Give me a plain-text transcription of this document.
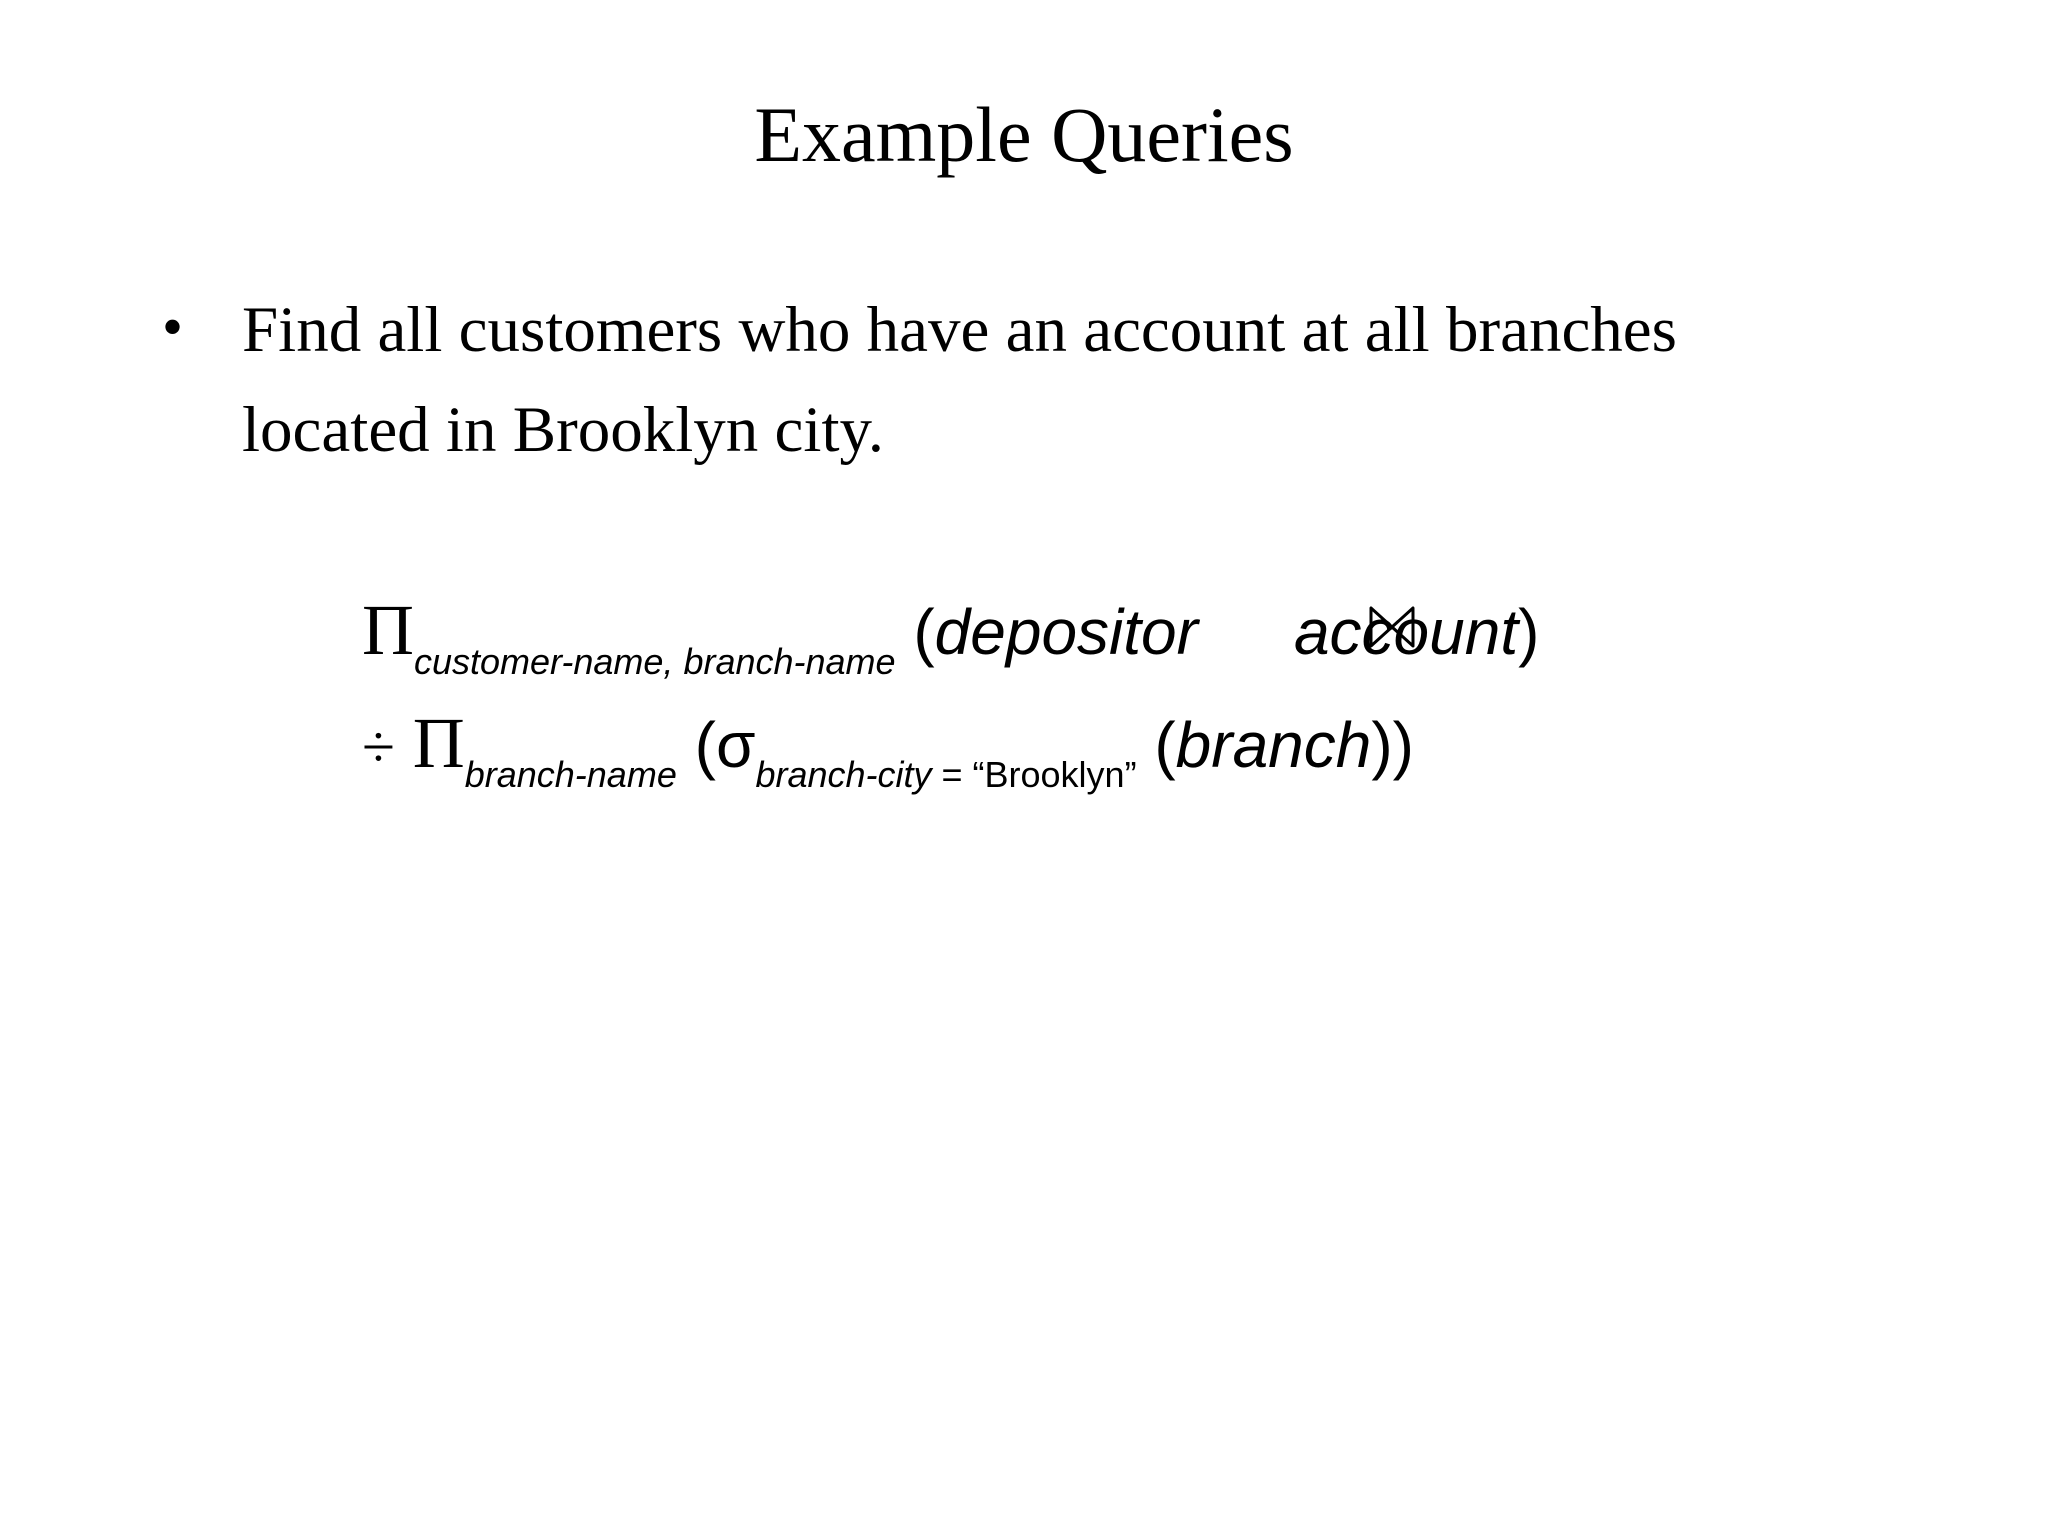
Example Queries
• Find all customers who have an account at all branches
located in Brooklyn city.
$\Pi_{customer-name, branch-name}$ (depositor account)
÷ $\Pi_{branch-name}$ ($\sigma_{branch-city}$ $_{= “Brooklyn”}$ (branch))
